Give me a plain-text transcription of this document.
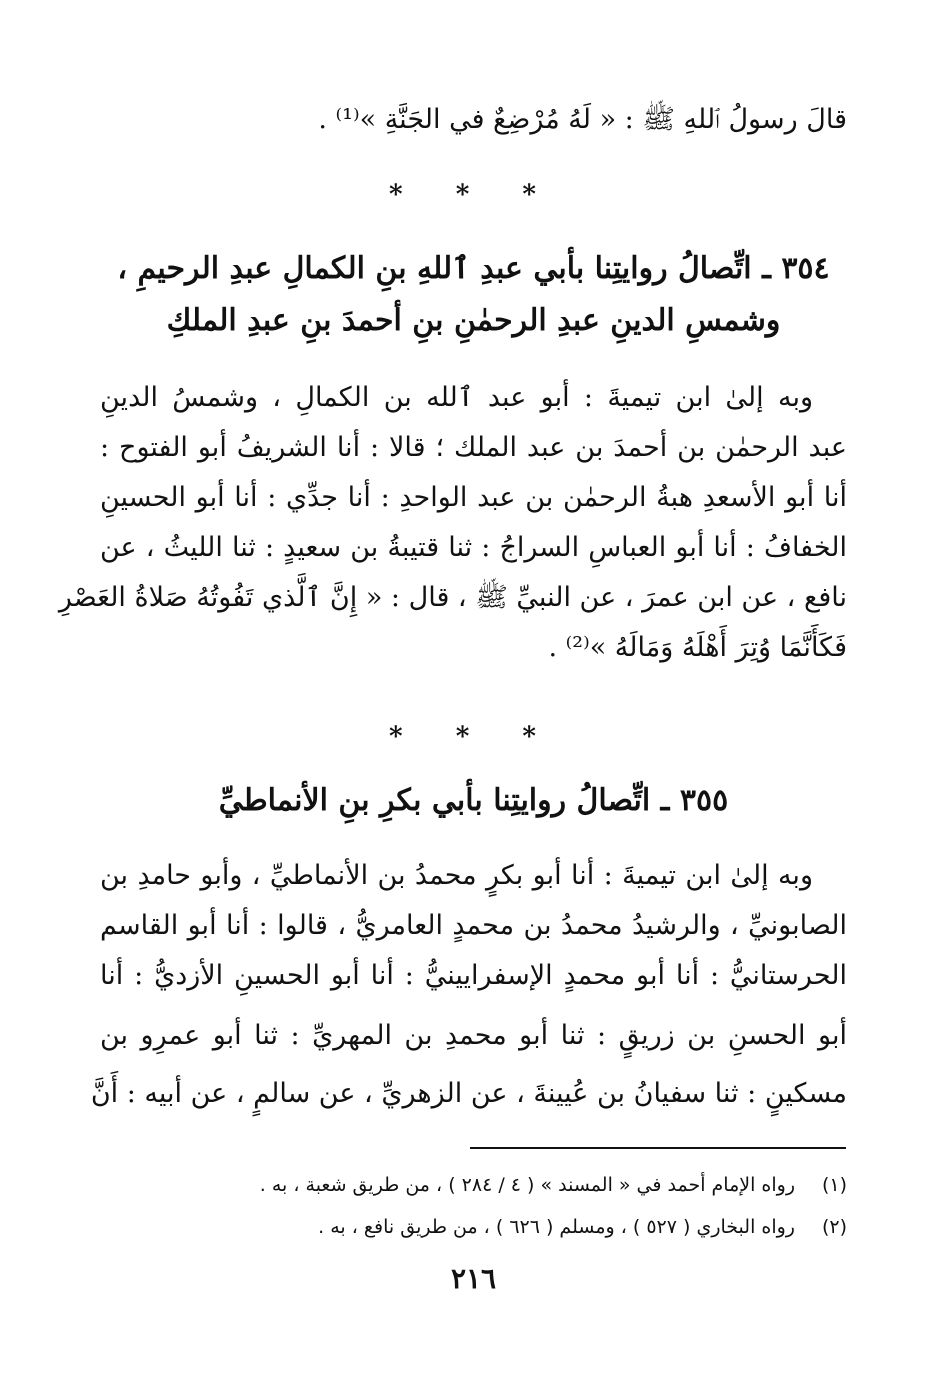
قالَ رسولُ ٱللهِ ﷺ : « لَهُ مُرْضِعٌ في الجَنَّةِ »⁽¹⁾ .
* * *
٣٥٤ ـ اتِّصالُ روايتِنا بأبي عبدِ ٱللهِ بنِ الكمالِ عبدِ الرحيمِ ،
وشمسِ الدينِ عبدِ الرحمٰنِ بنِ أحمدَ بنِ عبدِ الملكِ
وبه إلىٰ ابن تيميةَ : أبو عبد ٱلله بن الكمالِ ، وشمسُ الدينِ
عبد الرحمٰن بن أحمدَ بن عبد الملك ؛ قالا : أنا الشريفُ أبو الفتوح :
أنا أبو الأسعدِ هبةُ الرحمٰن بن عبد الواحدِ : أنا جدِّي : أنا أبو الحسينِ
الخفافُ : أنا أبو العباسِ السراجُ : ثنا قتيبةُ بن سعيدٍ : ثنا الليثُ ، عن
نافع ، عن ابن عمرَ ، عن النبيِّ ﷺ ، قال : « إِنَّ ٱلَّذي تَفُوتُهُ صَلاةُ العَصْرِ
فَكَأَنَّمَا وُتِرَ أَهْلَهُ وَمَالَهُ »⁽²⁾ .
* * *
٣٥٥ ـ اتِّصالُ روايتِنا بأبي بكرِ بنِ الأنماطيِّ
وبه إلىٰ ابن تيميةَ : أنا أبو بكرٍ محمدُ بن الأنماطيِّ ، وأبو حامدِ بن
الصابونيِّ ، والرشيدُ محمدُ بن محمدٍ العامريُّ ، قالوا : أنا أبو القاسم
الحرستانيُّ : أنا أبو محمدٍ الإسفرايينيُّ : أنا أبو الحسينِ الأزديُّ : أنا
أبو الحسنِ بن زريقٍ : ثنا أبو محمدِ بن المهريِّ : ثنا أبو عمرِو بن
مسكينٍ : ثنا سفيانُ بن عُيينةَ ، عن الزهريِّ ، عن سالمٍ ، عن أبيه : أَنَّ
(١)رواه الإمام أحمد في « المسند » ( ٤ / ٢٨٤ ) ، من طريق شعبة ، به .
(٢)رواه البخاري ( ٥٢٧ ) ، ومسلم ( ٦٢٦ ) ، من طريق نافع ، به .
٢١٦
